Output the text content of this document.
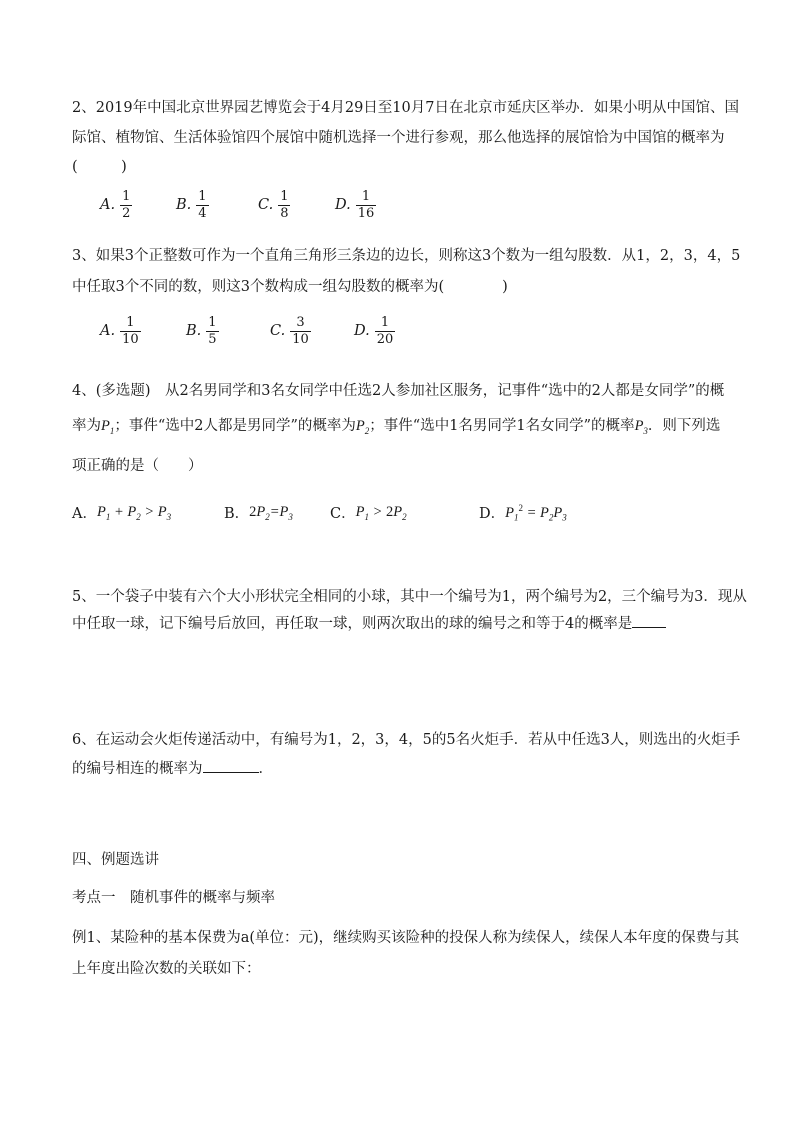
2、2019年中国北京世界园艺博览会于4月29日至10月7日在北京市延庆区举办．如果小明从中国馆、国
际馆、植物馆、生活体验馆四个展馆中随机选择一个进行参观，那么他选择的展馆恰为中国馆的概率为
(　　　)
A. $\frac{1}{2}$	B. $\frac{1}{4}$	C. $\frac{1}{8}$	D. $\frac{1}{16}$
3、如果3个正整数可作为一个直角三角形三条边的边长，则称这3个数为一组勾股数．从1，2，3，4，5
中任取3个不同的数，则这3个数构成一组勾股数的概率为(　　　　)
A. $\frac{1}{10}$	B. $\frac{1}{5}$	C. $\frac{3}{10}$	D. $\frac{1}{20}$
4、(多选题)　从2名男同学和3名女同学中任选2人参加社区服务，记事件“选中的2人都是女同学”的概
率为$P_1$；事件“选中2人都是男同学”的概率为$P_2$；事件“选中1名男同学1名女同学”的概率$P_3$．则下列选
项正确的是（　　）
A． $P_1 + P_2 > P_3$	B． $2P_2=P_3$	C． $P_1 > 2P_2$	D． $P_1^2 = P_2P_3$
5、一个袋子中装有六个大小形状完全相同的小球，其中一个编号为1，两个编号为2，三个编号为3．现从
中任取一球，记下编号后放回，再任取一球，则两次取出的球的编号之和等于4的概率是
6、在运动会火炬传递活动中，有编号为1，2，3，4，5的5名火炬手．若从中任选3人，则选出的火炬手
的编号相连的概率为	．
四、例题选讲
考点一　随机事件的概率与频率
例1、某险种的基本保费为a(单位：元)，继续购买该险种的投保人称为续保人，续保人本年度的保费与其
上年度出险次数的关联如下：
